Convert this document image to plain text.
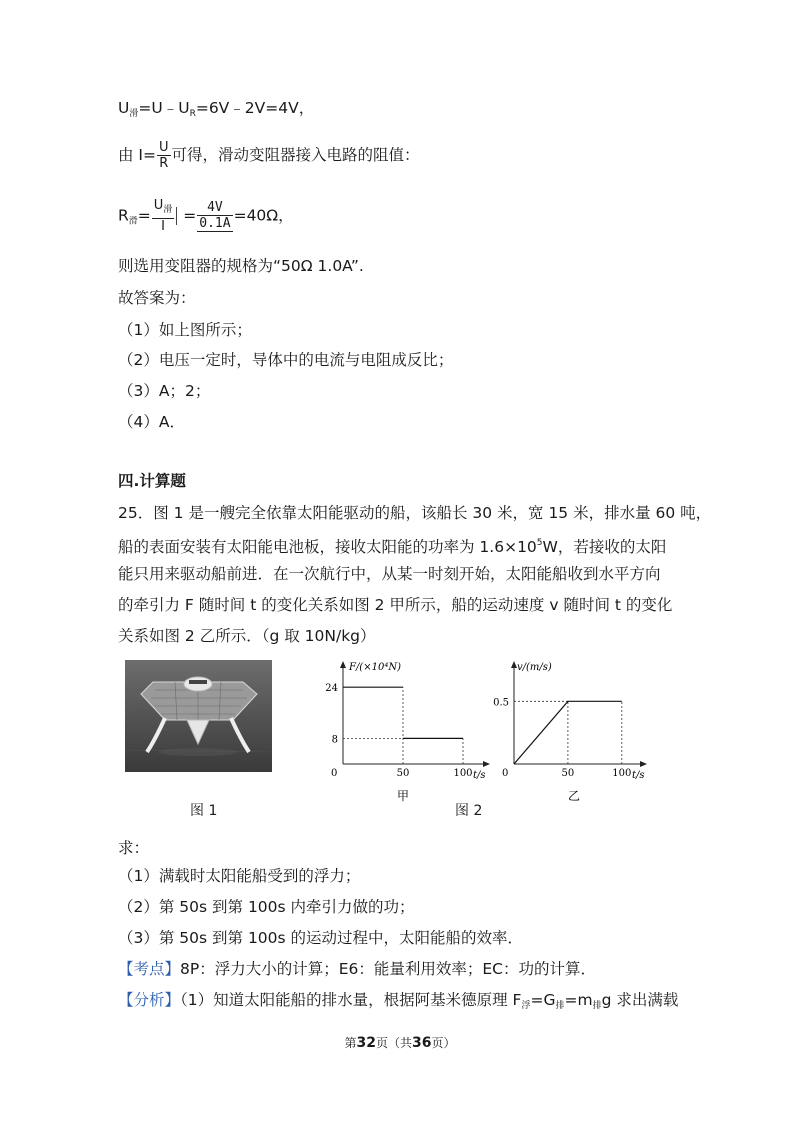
$U_滑=U﹣U_R=6V﹣2V=4V$，
由 $I= \frac{U}{R}$ 可得，滑动变阻器接入电路的阻值：
$R_滑= \frac{U_滑}{I} = \frac{4V}{0.1A} =40\Omega$，
则选用变阻器的规格为“50Ω 1.0A”.
故答案为：
（1）如上图所示；
（2）电压一定时，导体中的电流与电阻成反比；
（3）A；2；
（4）A．
四.计算题
25．图 1 是一艘完全依靠太阳能驱动的船，该船长 30 米，宽 15 米，排水量 60 吨，
船的表面安装有太阳能电池板，接收太阳能的功率为 $1.6\times 10^5W$，若接收的太阳
能只用来驱动船前进．在一次航行中，从某一时刻开始，太阳能船收到水平方向
的牵引力 F 随时间 t 的变化关系如图 2 甲所示，船的运动速度 v 随时间 t 的变化
关系如图 2 乙所示．（g 取 10N/kg）
图 1
F/(×10⁴N)
t/s
0
甲
50	100
8
24
v/(m/s)
t/s
0
乙
50	100
0.5
图 2
求：
（1）满载时太阳能船受到的浮力；
（2）第 50s 到第 100s 内牵引力做的功；
（3）第 50s 到第 100s 的运动过程中，太阳能船的效率．
【考点】8P：浮力大小的计算；E6：能量利用效率；EC：功的计算．
【分析】（1）知道太阳能船的排水量，根据阿基米德原理 $F_浮=G_排=m_排g$ 求出满载
第32页（共36页）
